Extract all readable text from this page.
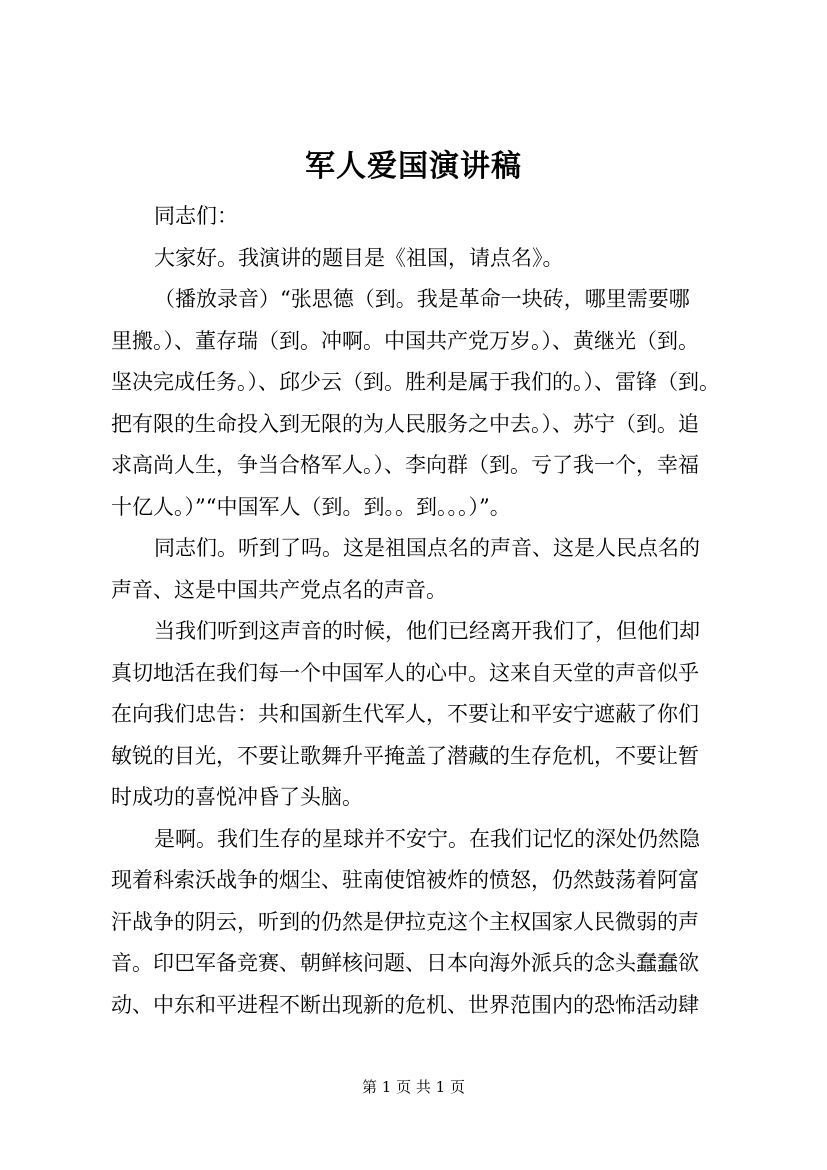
军人爱国演讲稿

同志们：

大家好。我演讲的题目是《祖国，请点名》。

（播放录音）“张思德（到。我是革命一块砖，哪里需要哪
里搬。）、董存瑞（到。冲啊。中国共产党万岁。）、黄继光（到。
坚决完成任务。）、邱少云（到。胜利是属于我们的。）、雷锋（到。
把有限的生命投入到无限的为人民服务之中去。）、苏宁（到。追
求高尚人生，争当合格军人。）、李向群（到。亏了我一个，幸福
十亿人。）”“中国军人（到。到。。到。。。）”。

同志们。听到了吗。这是祖国点名的声音、这是人民点名的
声音、这是中国共产党点名的声音。

当我们听到这声音的时候，他们已经离开我们了，但他们却
真切地活在我们每一个中国军人的心中。这来自天堂的声音似乎
在向我们忠告：共和国新生代军人，不要让和平安宁遮蔽了你们
敏锐的目光，不要让歌舞升平掩盖了潜藏的生存危机，不要让暂
时成功的喜悦冲昏了头脑。

是啊。我们生存的星球并不安宁。在我们记忆的深处仍然隐
现着科索沃战争的烟尘、驻南使馆被炸的愤怒，仍然鼓荡着阿富
汗战争的阴云，听到的仍然是伊拉克这个主权国家人民微弱的声
音。印巴军备竞赛、朝鲜核问题、日本向海外派兵的念头蠢蠢欲
动、中东和平进程不断出现新的危机、世界范围内的恐怖活动肆

第 1 页 共 1 页
